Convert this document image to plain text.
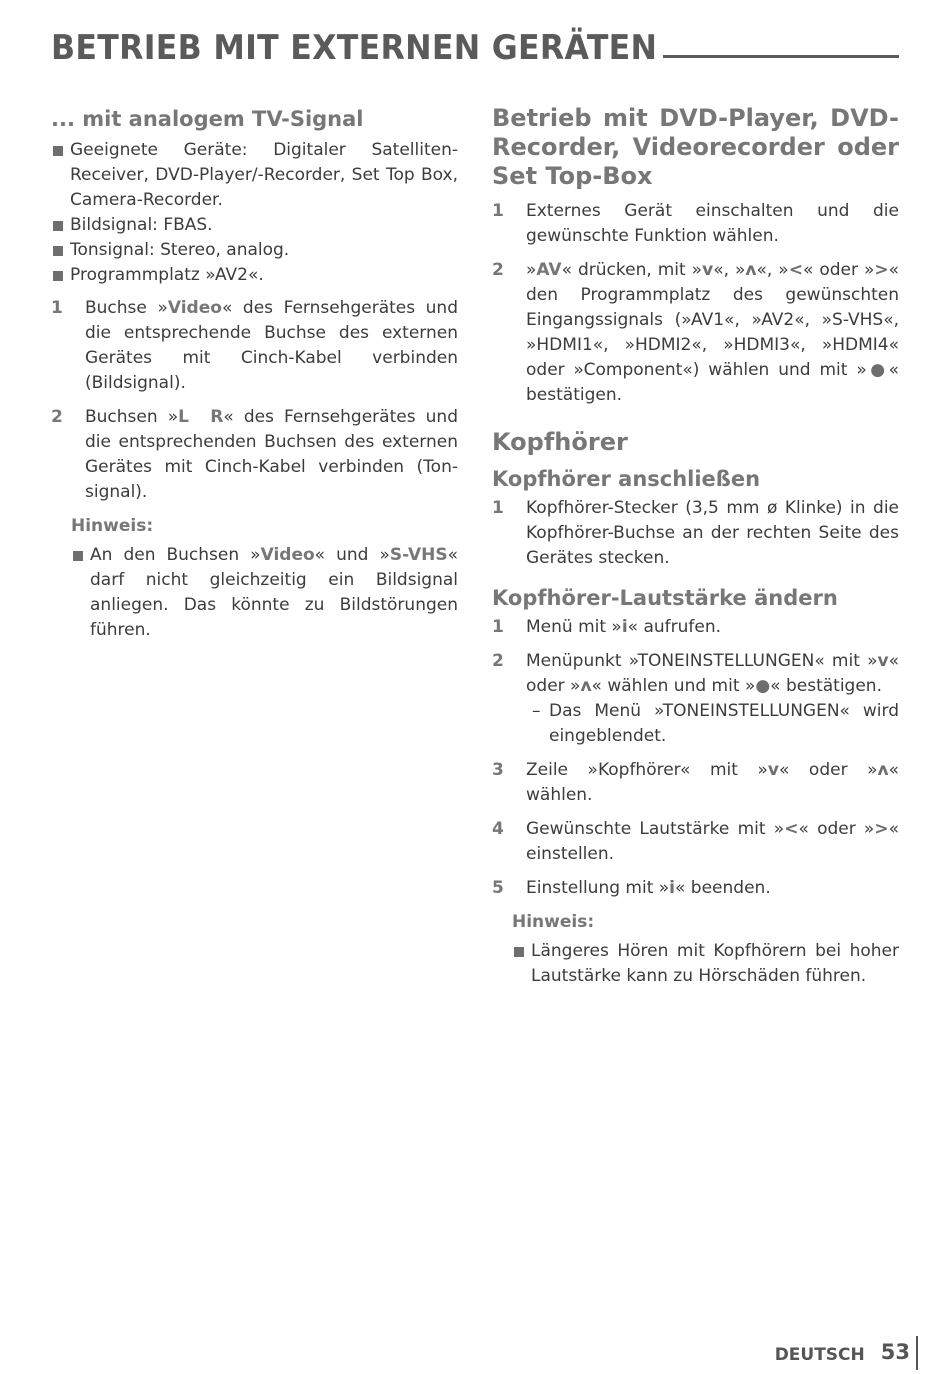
BETRIEB MIT EXTERNEN GERÄTEN
... mit analogem TV-Signal
Geeignete Geräte: Digitaler Satelliten-Receiver, DVD-Player/-Recorder, Set Top Box, Camera-Recorder.
Bildsignal: FBAS.
Tonsignal: Stereo, analog.
Programmplatz »AV2«.
1 Buchse »Video« des Fernsehgerätes und die entsprechende Buchse des externen Gerätes mit Cinch-Kabel verbinden (Bildsignal).
2 Buchsen »L  R« des Fernsehgerätes und die entsprechenden Buchsen des externen Gerätes mit Cinch-Kabel verbinden (Ton-signal).

Hinweis:

An den Buchsen »Video« und »S-VHS« darf nicht gleichzeitig ein Bildsignal anliegen. Das könnte zu Bildstörungen führen.
Betrieb mit DVD-Player, DVD-Recorder, Videorecorder oder Set Top-Box
1 Externes Gerät einschalten und die gewünschte Funktion wählen.
2 »AV« drücken, mit »v«, »ʌ«, »<« oder »>« den Programmplatz des gewünschten Eingangssignals (»AV1«, »AV2«, »S-VHS«, »HDMI1«, »HDMI2«, »HDMI3«, »HDMI4« oder »Component«) wählen und mit »●« bestätigen.
Kopfhörer
Kopfhörer anschließen
1 Kopfhörer-Stecker (3,5 mm ø Klinke) in die Kopfhörer-Buchse an der rechten Seite des Gerätes stecken.
Kopfhörer-Lautstärke ändern
1 Menü mit »i« aufrufen.
2 Menüpunkt »TONEINSTELLUNGEN« mit »v« oder »ʌ« wählen und mit »●« bestätigen.
– Das Menü »TONEINSTELLUNGEN« wird eingeblendet.
3 Zeile »Kopfhörer« mit »v« oder »ʌ« wählen.
4 Gewünschte Lautstärke mit »<« oder »>« einstellen.
5 Einstellung mit »i« beenden.

Hinweis:

Längeres Hören mit Kopfhörern bei hoher Lautstärke kann zu Hörschäden führen.
DEUTSCH 53
